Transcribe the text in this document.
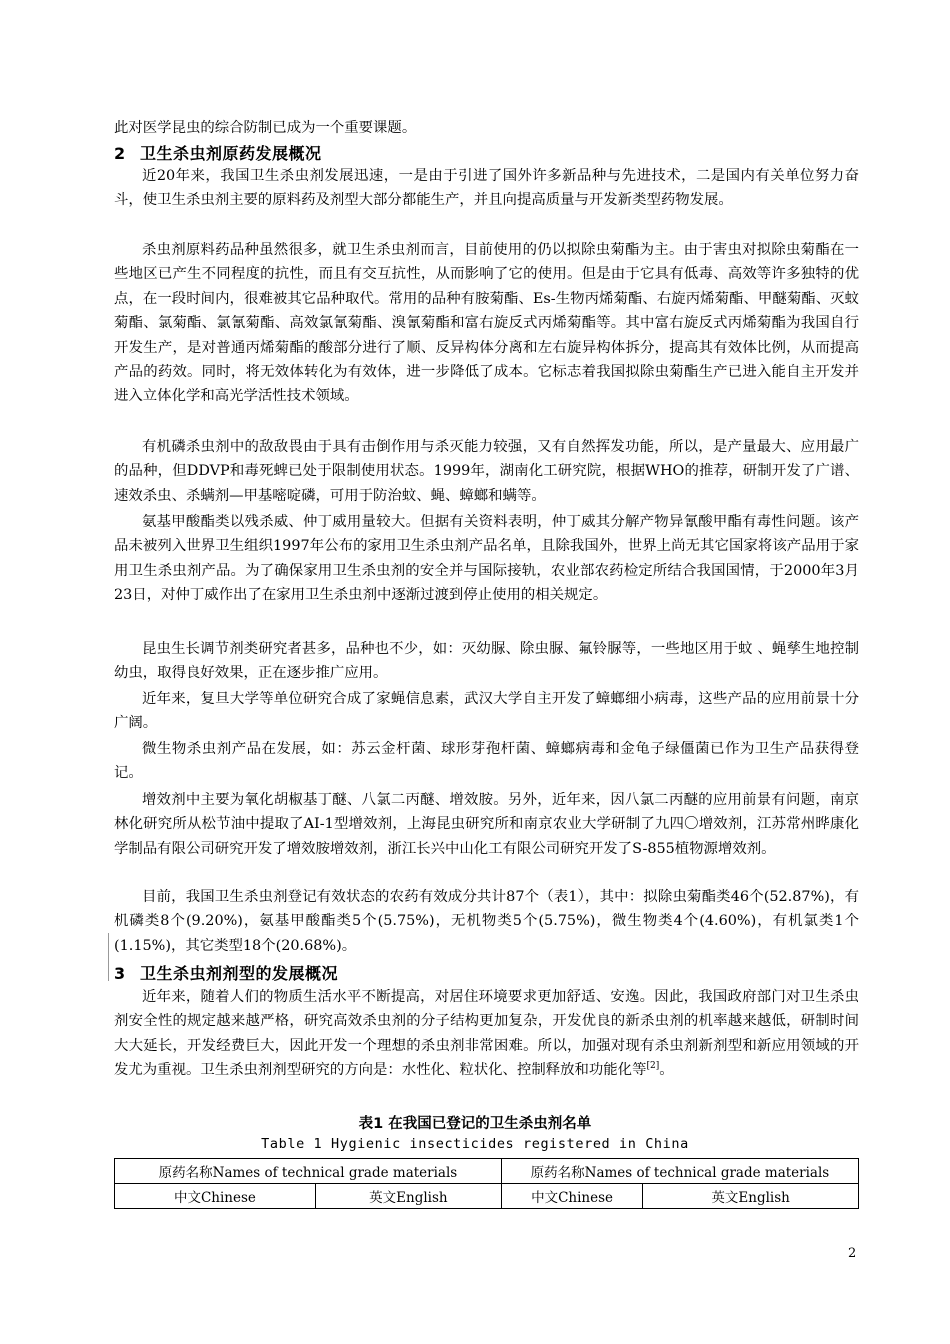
此对医学昆虫的综合防制已成为一个重要课题。
2 卫生杀虫剂原药发展概况
近20年来，我国卫生杀虫剂发展迅速，一是由于引进了国外许多新品种与先进技术，二是国内有关单位努力奋斗，使卫生杀虫剂主要的原料药及剂型大部分都能生产，并且向提高质量与开发新类型药物发展。
杀虫剂原料药品种虽然很多，就卫生杀虫剂而言，目前使用的仍以拟除虫菊酯为主。由于害虫对拟除虫菊酯在一些地区已产生不同程度的抗性，而且有交互抗性，从而影响了它的使用。但是由于它具有低毒、高效等许多独特的优点，在一段时间内，很难被其它品种取代。常用的品种有胺菊酯、Es-生物丙烯菊酯、右旋丙烯菊酯、甲醚菊酯、灭蚊菊酯、氯菊酯、氯氰菊酯、高效氯氰菊酯、溴氰菊酯和富右旋反式丙烯菊酯等。其中富右旋反式丙烯菊酯为我国自行开发生产，是对普通丙烯菊酯的酸部分进行了顺、反异构体分离和左右旋异构体拆分，提高其有效体比例，从而提高产品的药效。同时，将无效体转化为有效体，进一步降低了成本。它标志着我国拟除虫菊酯生产已进入能自主开发并进入立体化学和高光学活性技术领域。
有机磷杀虫剂中的敌敌畏由于具有击倒作用与杀灭能力较强，又有自然挥发功能，所以，是产量最大、应用最广的品种，但DDVP和毒死蜱已处于限制使用状态。1999年，湖南化工研究院，根据WHO的推荐，研制开发了广谱、速效杀虫、杀螨剂—甲基嘧啶磷，可用于防治蚊、蝇、蟑螂和螨等。
氨基甲酸酯类以残杀威、仲丁威用量较大。但据有关资料表明，仲丁威其分解产物异氰酸甲酯有毒性问题。该产品未被列入世界卫生组织1997年公布的家用卫生杀虫剂产品名单，且除我国外，世界上尚无其它国家将该产品用于家用卫生杀虫剂产品。为了确保家用卫生杀虫剂的安全并与国际接轨，农业部农药检定所结合我国国情，于2000年3月23日，对仲丁威作出了在家用卫生杀虫剂中逐渐过渡到停止使用的相关规定。
昆虫生长调节剂类研究者甚多，品种也不少，如：灭幼脲、除虫脲、氟铃脲等，一些地区用于蚊 、蝇孳生地控制幼虫，取得良好效果，正在逐步推广应用。
近年来，复旦大学等单位研究合成了家蝇信息素，武汉大学自主开发了蟑螂细小病毒，这些产品的应用前景十分广阔。
微生物杀虫剂产品在发展，如：苏云金杆菌、球形芽孢杆菌、蟑螂病毒和金龟子绿僵菌已作为卫生产品获得登记。
增效剂中主要为氧化胡椒基丁醚、八氯二丙醚、增效胺。另外，近年来，因八氯二丙醚的应用前景有问题，南京林化研究所从松节油中提取了AI-1型增效剂，上海昆虫研究所和南京农业大学研制了九四〇增效剂，江苏常州晔康化学制品有限公司研究开发了增效胺增效剂，浙江长兴中山化工有限公司研究开发了S-855植物源增效剂。
目前，我国卫生杀虫剂登记有效状态的农药有效成分共计87个（表1），其中：拟除虫菊酯类46个(52.87%)，有机磷类8个(9.20%)，氨基甲酸酯类5个(5.75%)，无机物类5个(5.75%)，微生物类4个(4.60%)，有机氯类1个(1.15%)，其它类型18个(20.68%)。
3 卫生杀虫剂剂型的发展概况
近年来，随着人们的物质生活水平不断提高，对居住环境要求更加舒适、安逸。因此，我国政府部门对卫生杀虫剂安全性的规定越来越严格，研究高效杀虫剂的分子结构更加复杂，开发优良的新杀虫剂的机率越来越低，研制时间大大延长，开发经费巨大，因此开发一个理想的杀虫剂非常困难。所以，加强对现有杀虫剂新剂型和新应用领域的开发尤为重视。卫生杀虫剂剂型研究的方向是：水性化、粒状化、控制释放和功能化等[2]。
表1 在我国已登记的卫生杀虫剂名单
Table 1 Hygienic insecticides registered in China
原药名称Names of technical grade materials		原药名称Names of technical grade materials	
中文Chinese	英文English	中文Chinese	英文English
2
